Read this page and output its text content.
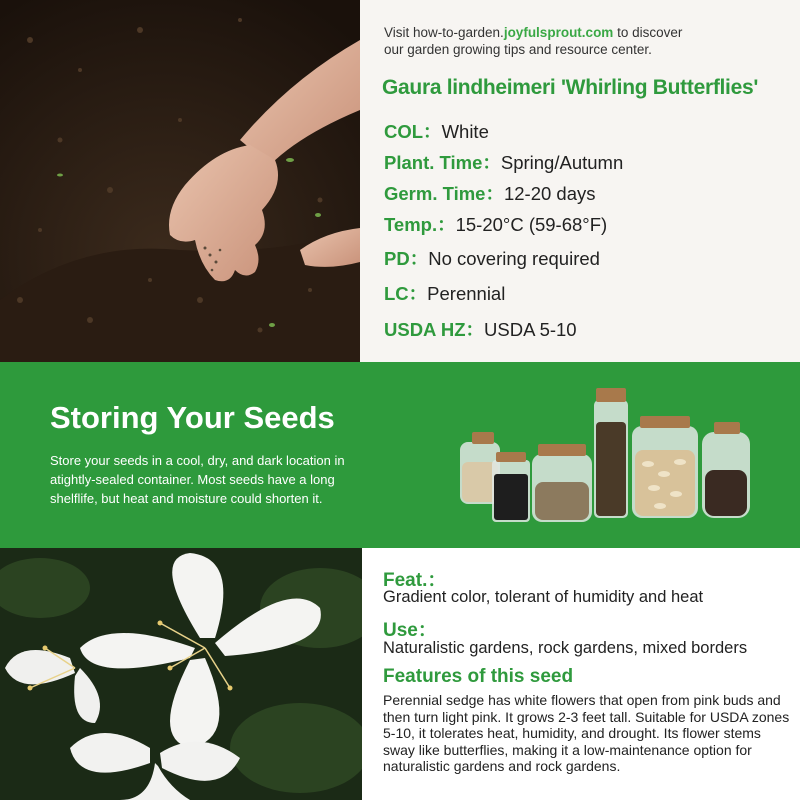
Visit how-to-garden.joyfulsprout.com to discover
our garden growing tips and resource center.
Gaura lindheimeri 'Whirling Butterflies'
COL：White
Plant. Time：Spring/Autumn
Germ. Time：12-20 days
Temp.：15-20°C (59-68°F)
PD：No covering required
LC：Perennial
USDA HZ：USDA 5-10
Storing Your Seeds
Store your seeds in a cool, dry, and dark location in atightly-sealed container. Most seeds have a long shelflife, but heat and moisture could shorten it.
Feat.：
Gradient color, tolerant of humidity and heat
Use：
Naturalistic gardens, rock gardens, mixed borders
Features of this seed
Perennial sedge has white flowers that open from pink buds and then turn light pink. It grows 2-3 feet tall. Suitable for USDA zones 5-10, it tolerates heat, humidity, and drought. Its flower stems sway like butterflies, making it a low-maintenance option for naturalistic gardens and rock gardens.
